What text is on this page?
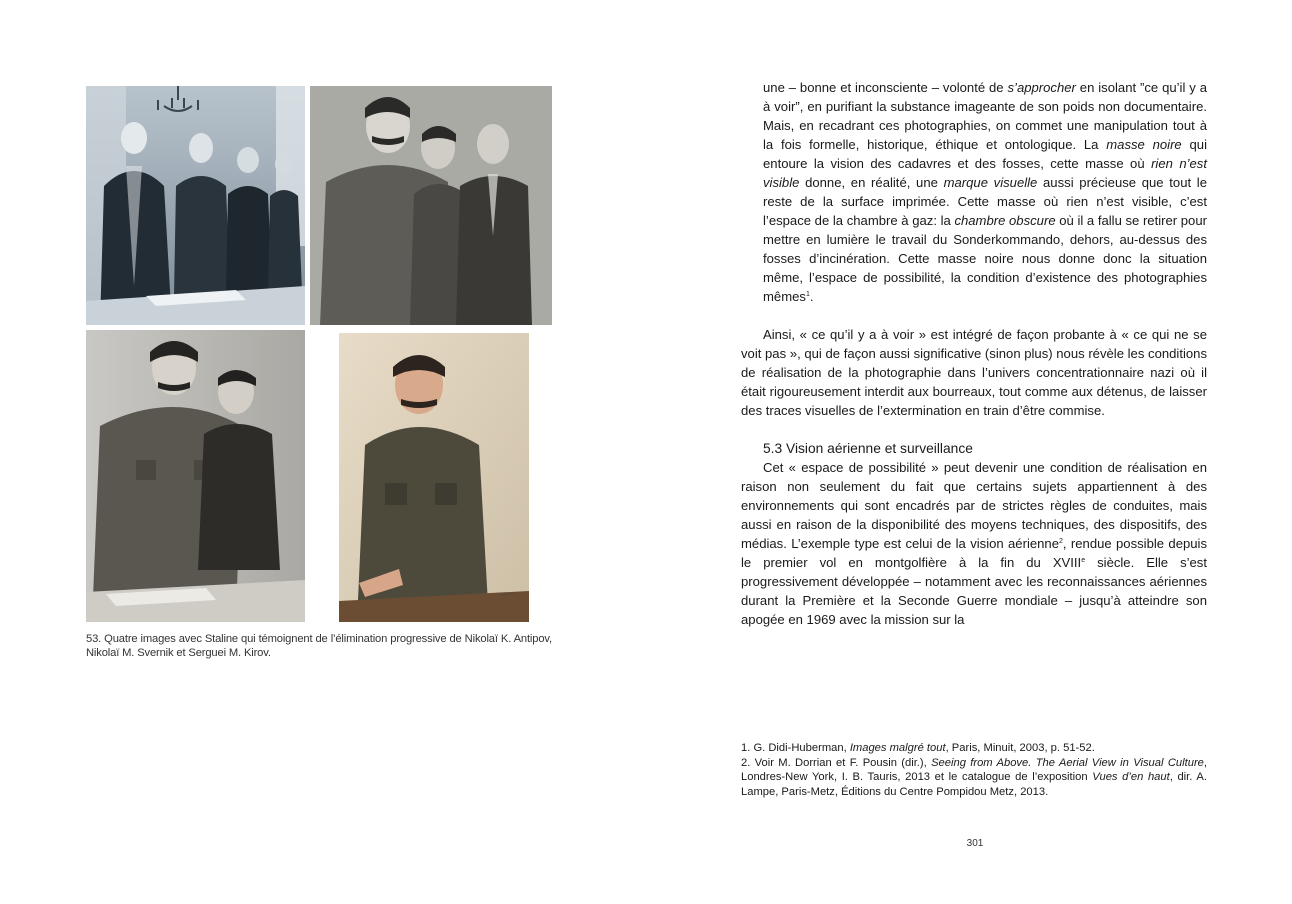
53. Quatre images avec Staline qui témoignent de l’élimination progressive de Nikolaï K. Antipov, Nikolaï M. Svernik et Serguei M. Kirov.

une – bonne et inconsciente – volonté de s’approcher en isolant ”ce qu’il y a à voir”, en purifiant la substance imageante de son poids non documentaire. Mais, en recadrant ces photographies, on commet une manipulation tout à la fois formelle, historique, éthique et ontologique. La masse noire qui entoure la vision des cadavres et des fosses, cette masse où rien n’est visible donne, en réalité, une marque visuelle aussi précieuse que tout le reste de la surface imprimée. Cette masse où rien n’est visible, c’est l’espace de la chambre à gaz: la chambre obscure où il a fallu se retirer pour mettre en lumière le travail du Sonderkommando, dehors, au-dessus des fosses d’incinération. Cette masse noire nous donne donc la situation même, l’espace de possibilité, la condition d’existence des photographies mêmes$^1$.

Ainsi, « ce qu’il y a à voir » est intégré de façon probante à « ce qui ne se voit pas », qui de façon aussi significative (sinon plus) nous révèle les conditions de réalisation de la photographie dans l’univers concentrationnaire nazi où il était rigoureusement interdit aux bourreaux, tout comme aux détenus, de laisser des traces visuelles de l’extermination en train d’être commise.

5.3 Vision aérienne et surveillance

Cet « espace de possibilité » peut devenir une condition de réalisation en raison non seulement du fait que certains sujets appartiennent à des environnements qui sont encadrés par de strictes règles de conduites, mais aussi en raison de la disponibilité des moyens techniques, des dispositifs, des médias. L’exemple type est celui de la vision aérienne$^2$, rendue possible depuis le premier vol en montgolfière à la fin du XVIIIe siècle. Elle s’est progressivement développée – notamment avec les reconnaissances aériennes durant la Première et la Seconde Guerre mondiale – jusqu’à atteindre son apogée en 1969 avec la mission sur la

1. G. Didi-Huberman, Images malgré tout, Paris, Minuit, 2003, p. 51-52.

2. Voir M. Dorrian et F. Pousin (dir.), Seeing from Above. The Aerial View in Visual Culture, Londres-New York, I. B. Tauris, 2013 et le catalogue de l’exposition Vues d’en haut, dir. A. Lampe, Paris-Metz, Éditions du Centre Pompidou Metz, 2013.

301
